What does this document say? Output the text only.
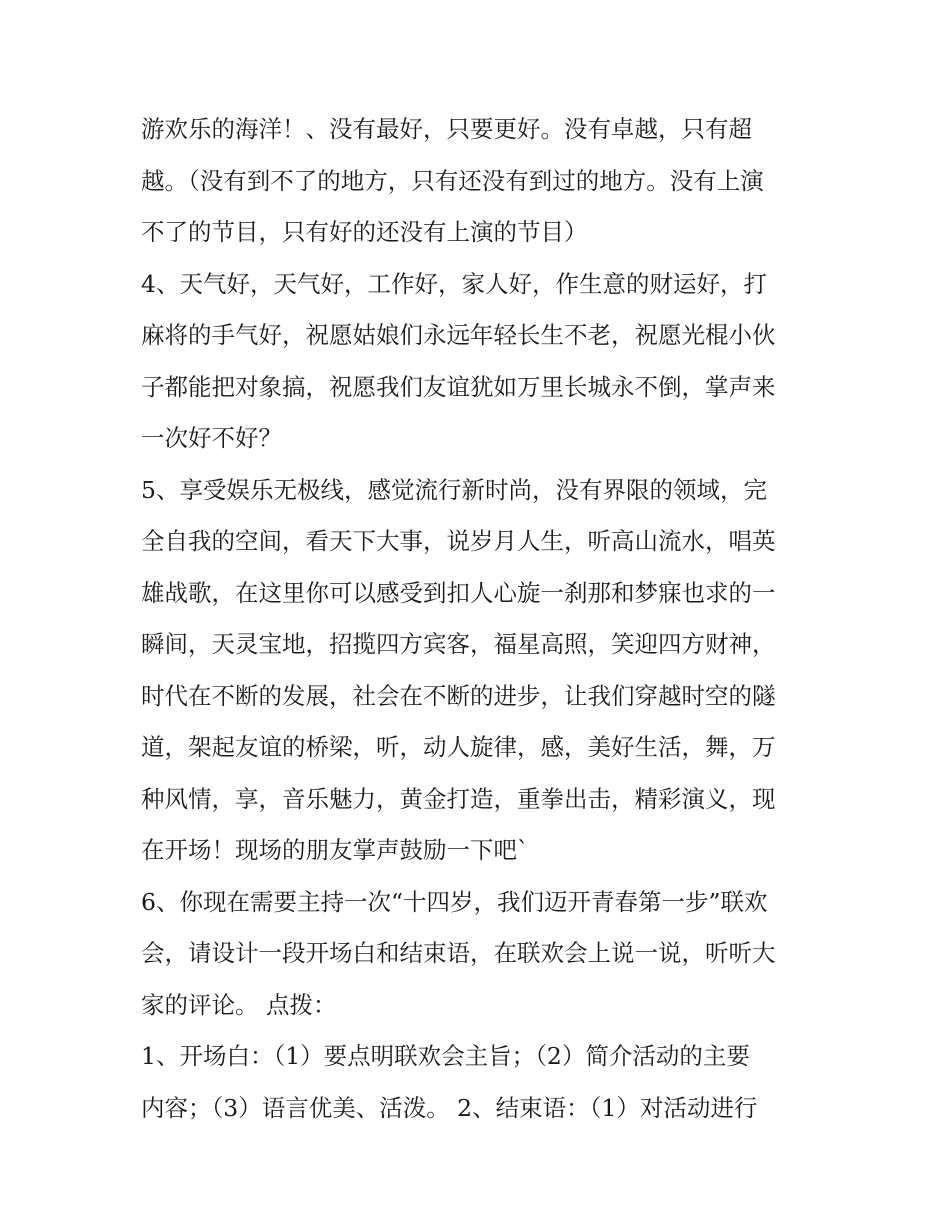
游欢乐的海洋！、没有最好，只要更好。没有卓越，只有超
越。（没有到不了的地方，只有还没有到过的地方。没有上演
不了的节目，只有好的还没有上演的节目）
4、天气好，天气好，工作好，家人好，作生意的财运好，打
麻将的手气好，祝愿姑娘们永远年轻长生不老，祝愿光棍小伙
子都能把对象搞，祝愿我们友谊犹如万里长城永不倒，掌声来
一次好不好？
5、享受娱乐无极线，感觉流行新时尚，没有界限的领域，完
全自我的空间，看天下大事，说岁月人生，听高山流水，唱英
雄战歌，在这里你可以感受到扣人心旋一刹那和梦寐也求的一
瞬间，天灵宝地，招揽四方宾客，福星高照，笑迎四方财神，
时代在不断的发展，社会在不断的进步，让我们穿越时空的隧
道，架起友谊的桥梁，听，动人旋律，感，美好生活，舞，万
种风情，享，音乐魅力，黄金打造，重拳出击，精彩演义，现
在开场！现场的朋友掌声鼓励一下吧`
6、你现在需要主持一次“十四岁，我们迈开青春第一步”联欢
会，请设计一段开场白和结束语，在联欢会上说一说，听听大
家的评论。 点拨：
1、开场白：（1）要点明联欢会主旨；（2）简介活动的主要
内容；（3）语言优美、活泼。 2、结束语：（1）对活动进行
